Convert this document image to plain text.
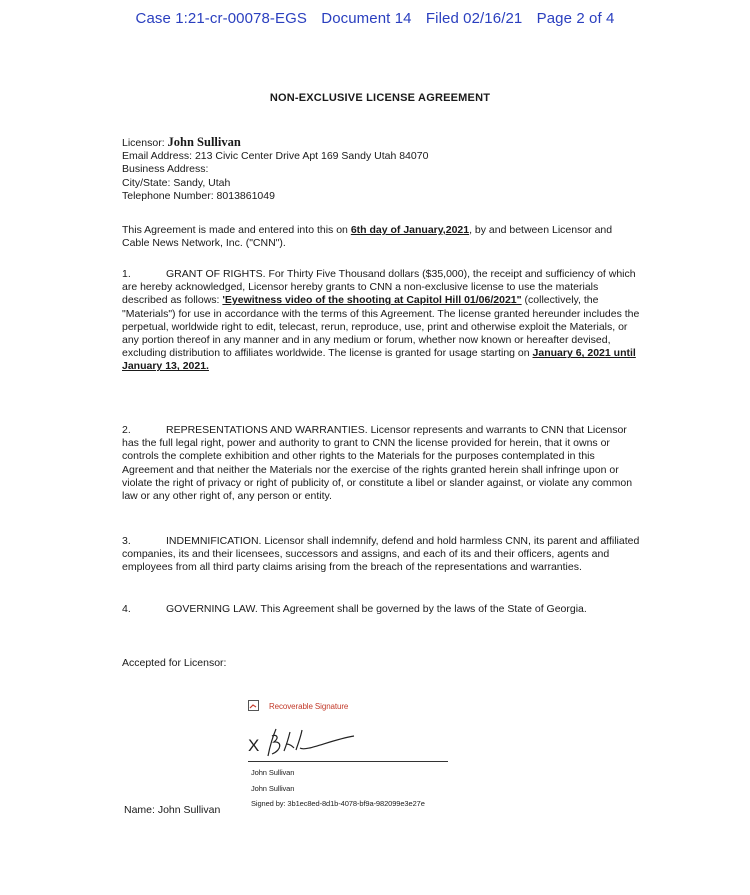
Case 1:21-cr-00078-EGS Document 14 Filed 02/16/21 Page 2 of 4
NON-EXCLUSIVE LICENSE AGREEMENT
Licensor: John Sullivan
Email Address: 213 Civic Center Drive Apt 169 Sandy Utah 84070
Business Address:
City/State: Sandy, Utah
Telephone Number: 8013861049
This Agreement is made and entered into this on 6th day of January,2021, by and between Licensor and Cable News Network, Inc. ("CNN").
1.	GRANT OF RIGHTS. For Thirty Five Thousand dollars ($35,000), the receipt and sufficiency of which are hereby acknowledged, Licensor hereby grants to CNN a non-exclusive license to use the materials described as follows: 'Eyewitness video of the shooting at Capitol Hill 01/06/2021" (collectively, the "Materials") for use in accordance with the terms of this Agreement. The license granted hereunder includes the perpetual, worldwide right to edit, telecast, rerun, reproduce, use, print and otherwise exploit the Materials, or any portion thereof in any manner and in any medium or forum, whether now known or hereafter devised, excluding distribution to affiliates worldwide. The license is granted for usage starting on January 6, 2021 until January 13, 2021.
2.	REPRESENTATIONS AND WARRANTIES. Licensor represents and warrants to CNN that Licensor has the full legal right, power and authority to grant to CNN the license provided for herein, that it owns or controls the complete exhibition and other rights to the Materials for the purposes contemplated in this Agreement and that neither the Materials nor the exercise of the rights granted herein shall infringe upon or violate the right of privacy or right of publicity of, or constitute a libel or slander against, or violate any common law or any other right of, any person or entity.
3.	INDEMNIFICATION. Licensor shall indemnify, defend and hold harmless CNN, its parent and affiliated companies, its and their licensees, successors and assigns, and each of its and their officers, agents and employees from all third party claims arising from the breach of the representations and warranties.
4.	GOVERNING LAW. This Agreement shall be governed by the laws of the State of Georgia.
Accepted for Licensor:
Recoverable Signature
X
John Sullivan
John Sullivan
Signed by: 3b1ec8ed-8d1b-4078-bf9a-982099e3e27e
Name: John Sullivan
